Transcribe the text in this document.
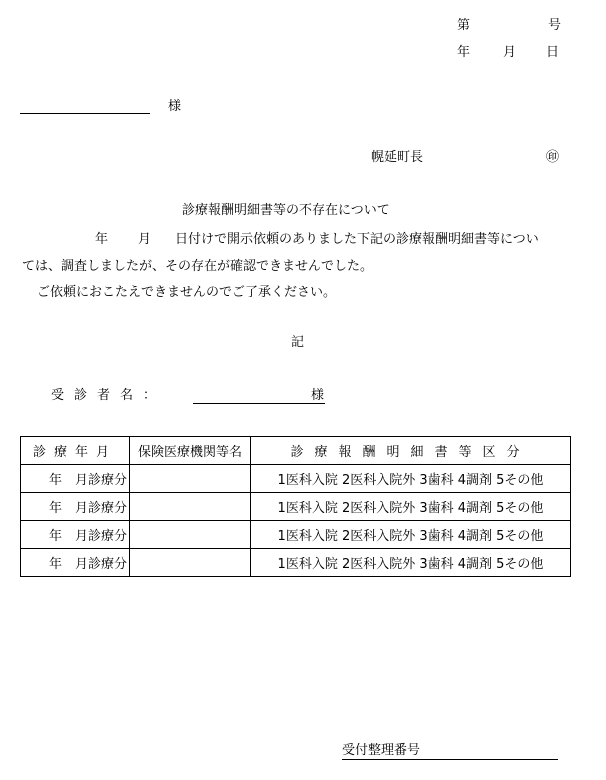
第	号
年	月 日
様
幌延町長	㊞
診療報酬明細書等の不存在について
年 月 日付けで開示依頼のありました下記の診療報酬明細書等につい
ては、調査しましたが、その存在が確認できませんでした。
ご依頼におこたえできませんのでご了承ください。
記
受診者名：	様
診療年月	保険医療機関等名	診療報酬明細書等区分
年　月診療分		1医科入院 2医科入院外 3歯科 4調剤 5その他
年　月診療分		1医科入院 2医科入院外 3歯科 4調剤 5その他
年　月診療分		1医科入院 2医科入院外 3歯科 4調剤 5その他
年　月診療分		1医科入院 2医科入院外 3歯科 4調剤 5その他
受付整理番号
